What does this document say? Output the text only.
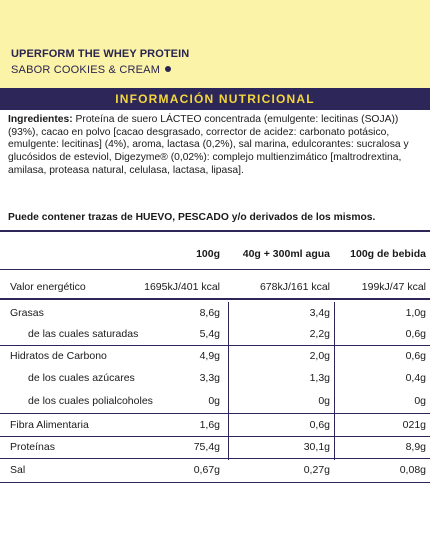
UPERFORM THE WHEY PROTEIN
SABOR COOKIES & CREAM
INFORMACIÓN NUTRICIONAL
Ingredientes: Proteína de suero LÁCTEO concentrada (emulgente: lecitinas (SOJA)) (93%), cacao en polvo [cacao desgrasado, corrector de acidez: carbonato potásico, emulgente: lecitinas] (4%), aroma, lactasa (0,2%), sal marina, edulcorantes: sucralosa y glucósidos de esteviol, Digezyme® (0,02%): complejo multienzimático [maltrodrextina, amilasa, proteasa natural, celulasa, lactasa, lipasa].
Puede contener trazas de HUEVO, PESCADO y/o derivados de los mismos.
100g	40g + 300ml agua	100g de bebida
Valor energético	1695kJ/401 kcal	678kJ/161 kcal	199kJ/47 kcal
Grasas	8,6g	3,4g	1,0g
de las cuales saturadas	5,4g	2,2g	0,6g
Hidratos de Carbono	4,9g	2,0g	0,6g
de los cuales azúcares	3,3g	1,3g	0,4g
de los cuales polialcoholes	0g	0g	0g
Fibra Alimentaria	1,6g	0,6g	021g
Proteínas	75,4g	30,1g	8,9g
Sal	0,67g	0,27g	0,08g
